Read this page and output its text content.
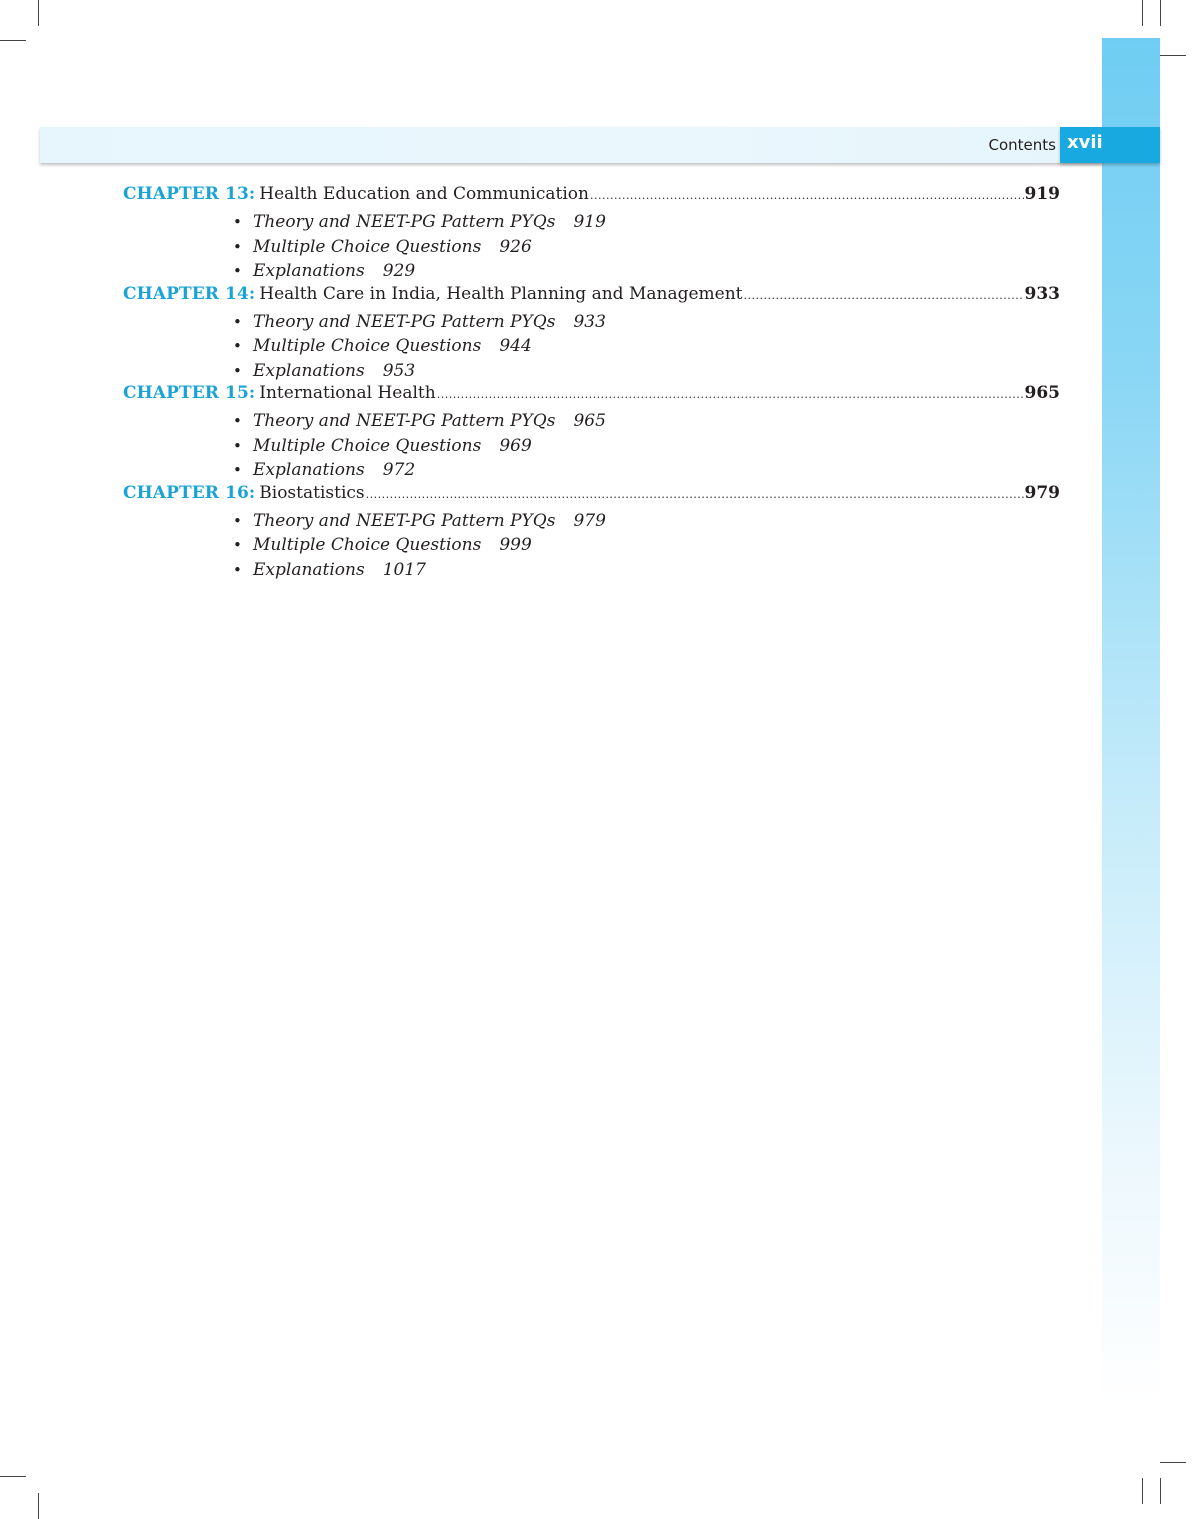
Contents xvii
CHAPTER 13: Health Education and Communication .....	919
• Theory and NEET-PG Pattern PYQs 919
• Multiple Choice Questions 926
• Explanations 929
CHAPTER 14: Health Care in India, Health Planning and Management .....	933
• Theory and NEET-PG Pattern PYQs 933
• Multiple Choice Questions 944
• Explanations 953
CHAPTER 15: International Health .....	965
• Theory and NEET-PG Pattern PYQs 965
• Multiple Choice Questions 969
• Explanations 972
CHAPTER 16: Biostatistics .....	979
• Theory and NEET-PG Pattern PYQs 979
• Multiple Choice Questions 999
• Explanations 1017
